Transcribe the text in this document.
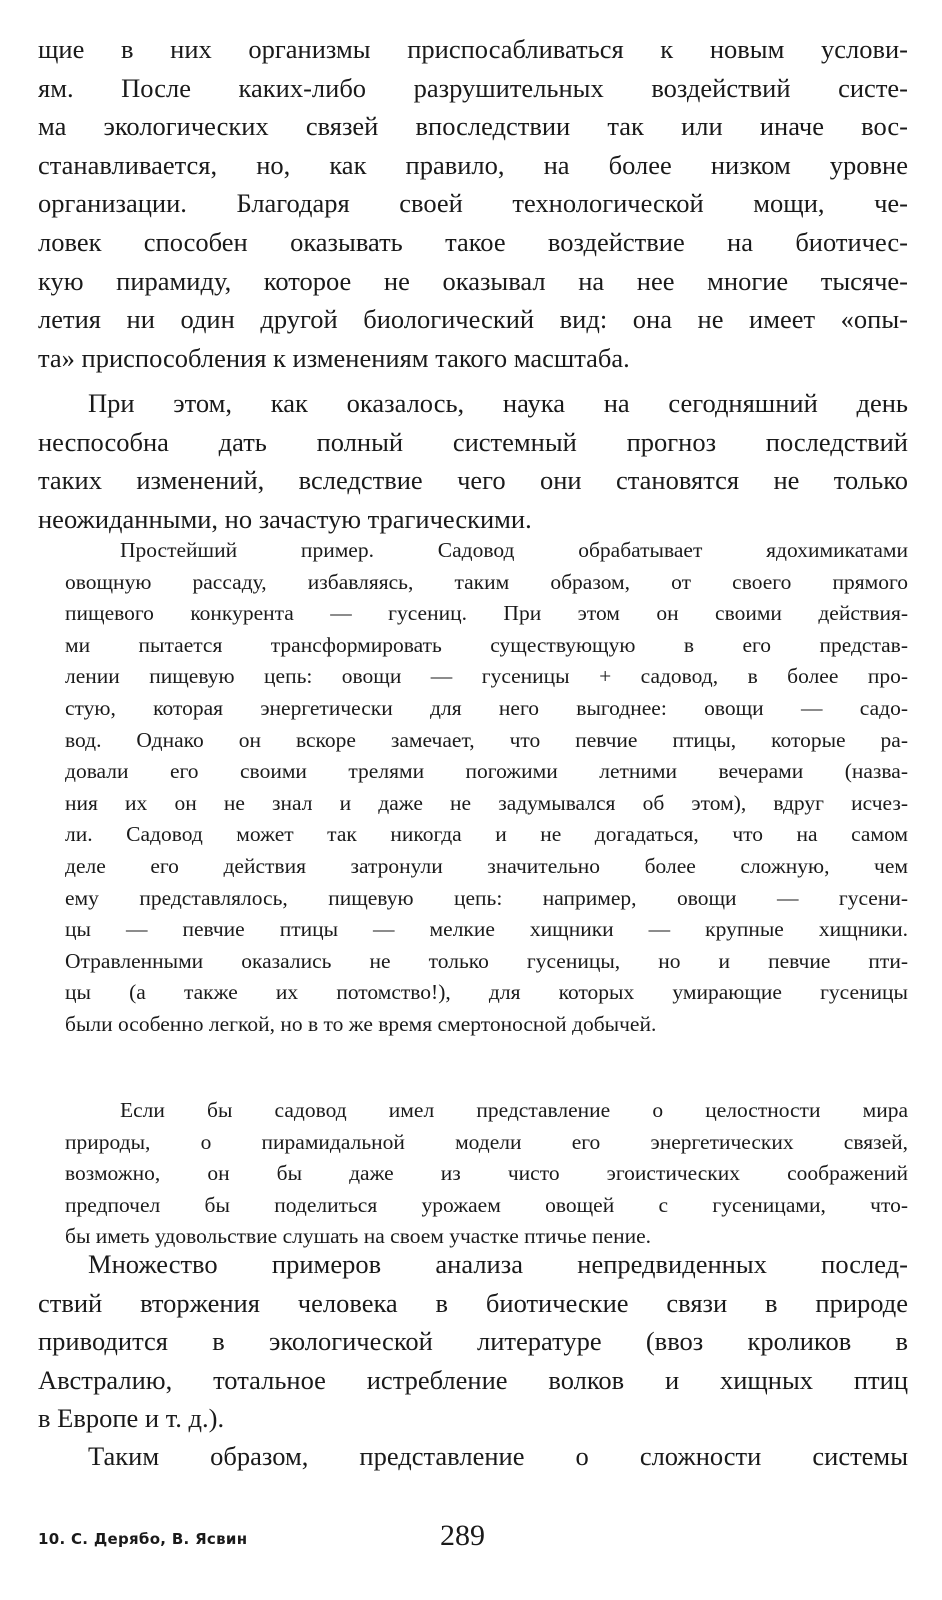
щие в них организмы приспосабливаться к новым услови-
ям. После каких-либо разрушительных воздействий систе-
ма экологических связей впоследствии так или иначе вос-
станавливается, но, как правило, на более низком уровне
организации. Благодаря своей технологической мощи, че-
ловек способен оказывать такое воздействие на биотичес-
кую пирамиду, которое не оказывал на нее многие тысяче-
летия ни один другой биологический вид: она не имеет «опы-
та» приспособления к изменениям такого масштаба.
При этом, как оказалось, наука на сегодняшний день
неспособна дать полный системный прогноз последствий
таких изменений, вследствие чего они становятся не только
неожиданными, но зачастую трагическими.
Простейший пример. Садовод обрабатывает ядохимикатами
овощную рассаду, избавляясь, таким образом, от своего прямого
пищевого конкурента — гусениц. При этом он своими действия-
ми пытается трансформировать существующую в его представ-
лении пищевую цепь: овощи — гусеницы + садовод, в более про-
стую, которая энергетически для него выгоднее: овощи — садо-
вод. Однако он вскоре замечает, что певчие птицы, которые ра-
довали его своими трелями погожими летними вечерами (назва-
ния их он не знал и даже не задумывался об этом), вдруг исчез-
ли. Садовод может так никогда и не догадаться, что на самом
деле его действия затронули значительно более сложную, чем
ему представлялось, пищевую цепь: например, овощи — гусени-
цы — певчие птицы — мелкие хищники — крупные хищники.
Отравленными оказались не только гусеницы, но и певчие пти-
цы (а также их потомство!), для которых умирающие гусеницы
были особенно легкой, но в то же время смертоносной добычей.
Если бы садовод имел представление о целостности мира
природы, о пирамидальной модели его энергетических связей,
возможно, он бы даже из чисто эгоистических соображений
предпочел бы поделиться урожаем овощей с гусеницами, что-
бы иметь удовольствие слушать на своем участке птичье пение.
Множество примеров анализа непредвиденных послед-
ствий вторжения человека в биотические связи в природе
приводится в экологической литературе (ввоз кроликов в
Австралию, тотальное истребление волков и хищных птиц
в Европе и т. д.).
Таким образом, представление о сложности системы
10. С. Дерябо, В. Ясвин	289
